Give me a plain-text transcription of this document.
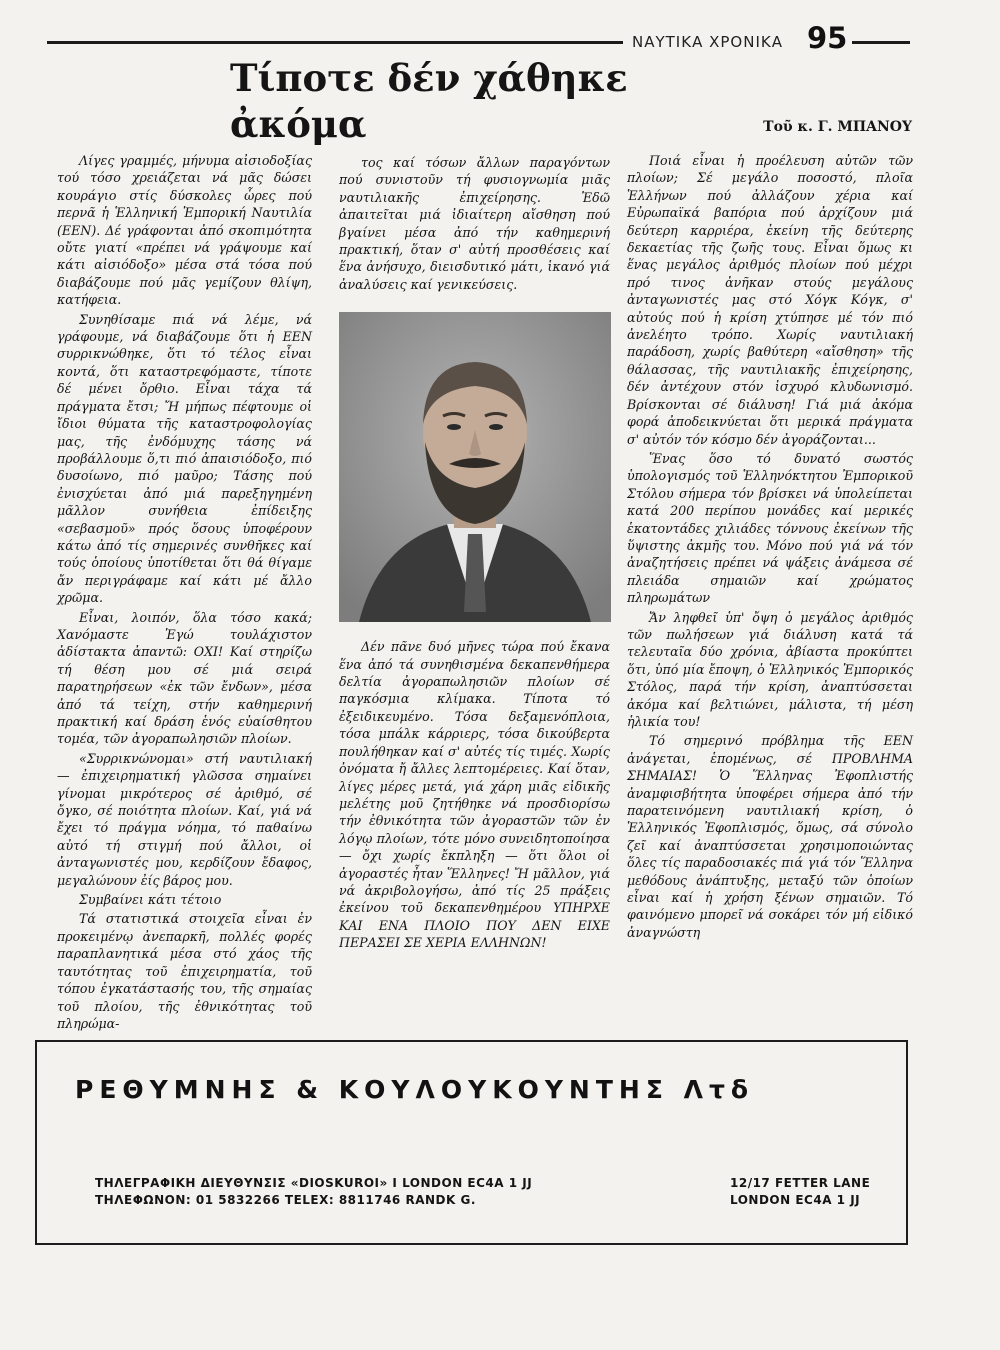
ΝΑΥΤΙΚΑ ΧΡΟΝΙΚΑ 95
Τίποτε δέν χάθηκε ἀκόμα	Τοῦ κ. Γ. ΜΠΑΝΟΥ

Λίγες γραμμές, μήνυμα αἰσιοδοξίας τού τόσο χρειάζεται νά μᾶς δώσει κουράγιο στίς δύσκολες ὧρες πού περνᾶ ἡ Ἑλληνική Ἐμπορική Ναυτιλία (ΕΕΝ). Δέ γράφονται ἀπό σκοπιμότητα οὔτε γιατί «πρέπει νά γράψουμε καί κάτι αἰσιόδοξο» μέσα στά τόσα πού διαβάζουμε πού μᾶς γεμίζουν θλίψη, κατήφεια.

Συνηθίσαμε πιά νά λέμε, νά γράφουμε, νά διαβάζουμε ὅτι ἡ ΕΕΝ συρρικνώθηκε, ὅτι τό τέλος εἶναι κοντά, ὅτι καταστρεφόμαστε, τίποτε δέ μένει ὄρθιο. Εἶναι τάχα τά πράγματα ἔτσι; Ἤ μήπως πέφτουμε οἱ ἴδιοι θύματα τῆς καταστροφολογίας μας, τῆς ἐνδόμυχης τάσης νά προβάλλουμε ὅ,τι πιό ἀπαισιόδοξο, πιό δυσοίωνο, πιό μαῦρο; Τάσης πού ἐνισχύεται ἀπό μιά παρεξηγημένη μᾶλλον συνήθεια ἐπίδειξης «σεβασμοῦ» πρός ὅσους ὑποφέρουν κάτω ἀπό τίς σημερινές συνθῆκες καί τούς ὁποίους ὑποτίθεται ὅτι θά θίγαμε ἄν περιγράφαμε καί κάτι μέ ἄλλο χρῶμα.

Εἶναι, λοιπόν, ὅλα τόσο κακά; Χανόμαστε Ἐγώ τουλάχιστον ἀδίστακτα ἀπαντῶ: ΟΧΙ! Καί στηρίζω τή θέση μου σέ μιά σειρά παρατηρήσεων «ἐκ τῶν ἔνδων», μέσα ἀπό τά τείχη, στήν καθημερινή πρακτική καί δράση ἑνός εὐαίσθητου τομέα, τῶν ἀγοραπωλησιῶν πλοίων.

«Συρρικνώνομαι» στή ναυτιλιακή — ἐπιχειρηματική γλῶσσα σημαίνει γίνομαι μικρότερος σέ ἀριθμό, σέ ὄγκο, σέ ποιότητα πλοίων. Καί, γιά νά ἔχει τό πράγμα νόημα, τό παθαίνω αὐτό τή στιγμή πού ἄλλοι, οἱ ἀνταγωνιστές μου, κερδίζουν ἔδαφος, μεγαλώνουν ἐίς βάρος μου.

Συμβαίνει κάτι τέτοιο

Τά στατιστικά στοιχεῖα εἶναι ἐν προκειμένῳ ἀνεπαρκῆ, πολλές φορές παραπλανητικά μέσα στό χάος τῆς ταυτότητας τοῦ ἐπιχειρηματία, τοῦ τόπου ἐγκατάστασής του, τῆς σημαίας τοῦ πλοίου, τῆς ἐθνικότητας τοῦ πληρώμα-

τος καί τόσων ἄλλων παραγόντων πού συνιστοῦν τή φυσιογνωμία μιᾶς ναυτιλιακῆς ἐπιχείρησης. Ἐδῶ ἀπαιτεῖται μιά ἰδιαίτερη αἴσθηση πού βγαίνει μέσα ἀπό τήν καθημερινή πρακτική, ὅταν σ' αὐτή προσθέσεις καί ἕνα ἀνήσυχο, διεισδυτικό μάτι, ἱκανό γιά ἀναλύσεις καί γενικεύσεις.

Δέν πᾶνε δυό μῆνες τώρα πού ἔκανα ἕνα ἀπό τά συνηθισμένα δεκαπενθήμερα δελτία ἀγοραπωλησιῶν πλοίων σέ παγκόσμια κλίμακα. Τίποτα τό ἐξειδικευμένο. Τόσα δεξαμενόπλοια, τόσα μπάλκ κάρριερς, τόσα δικούβερτα πουλήθηκαν καί σ' αὐτές τίς τιμές. Χωρίς ὀνόματα ἤ ἄλλες λεπτομέρειες. Καί ὅταν, λίγες μέρες μετά, γιά χάρη μιᾶς εἰδικῆς μελέτης μοῦ ζητήθηκε νά προσδιορίσω τήν ἐθνικότητα τῶν ἀγοραστῶν τῶν ἐν λόγῳ πλοίων, τότε μόνο συνειδητοποίησα — ὄχι χωρίς ἔκπληξη — ὅτι ὅλοι οἱ ἀγοραστές ἦταν Ἕλληνες! Ἤ μᾶλλον, γιά νά ἀκριβολογήσω, ἀπό τίς 25 πράξεις ἐκείνου τοῦ δεκαπενθημέρου ΥΠΗΡΧΕ ΚΑΙ ΕΝΑ ΠΛΟΙΟ ΠΟΥ ΔΕΝ ΕΙΧΕ ΠΕΡΑΣΕΙ ΣΕ ΧΕΡΙΑ ΕΛΛΗΝΩΝ!

Ποιά εἶναι ἡ προέλευση αὐτῶν τῶν πλοίων; Σέ μεγάλο ποσοστό, πλοῖα Ἑλλήνων πού ἀλλάζουν χέρια καί Εὐρωπαϊκά βαπόρια πού ἀρχίζουν μιά δεύτερη καρριέρα, ἐκείνη τῆς δεύτερης δεκαετίας τῆς ζωῆς τους. Εἶναι ὅμως κι ἕνας μεγάλος ἀριθμός πλοίων πού μέχρι πρό τινος ἀνῆκαν στούς μεγάλους ἀνταγωνιστές μας στό Χόγκ Κόγκ, σ' αὐτούς πού ἡ κρίση χτύπησε μέ τόν πιό ἀνελέητο τρόπο. Χωρίς ναυτιλιακή παράδοση, χωρίς βαθύτερη «αἴσθηση» τῆς θάλασσας, τῆς ναυτιλιακῆς ἐπιχείρησης, δέν ἀντέχουν στόν ἰσχυρό κλυδωνισμό. Βρίσκονται σέ διάλυση! Γιά μιά ἀκόμα φορά ἀποδεικνύεται ὅτι μερικά πράγματα σ' αὐτόν τόν κόσμο δέν ἀγοράζονται...

Ἕνας ὅσο τό δυνατό σωστός ὑπολογισμός τοῦ Ἑλληνόκτητου Ἐμπορικοῦ Στόλου σήμερα τόν βρίσκει νά ὑπολείπεται κατά 200 περίπου μονάδες καί μερικές ἑκατοντάδες χιλιάδες τόννους ἐκείνων τῆς ὕψιστης ἀκμῆς του. Μόνο πού γιά νά τόν ἀναζητήσεις πρέπει νά ψάξεις ἀνάμεσα σέ πλειάδα σημαιῶν καί χρώματος πληρωμάτων

Ἄν ληφθεῖ ὑπ' ὄψη ὁ μεγάλος ἀριθμός τῶν πωλήσεων γιά διάλυση κατά τά τελευταῖα δύο χρόνια, ἀβίαστα προκύπτει ὅτι, ὑπό μία ἔποψη, ὁ Ἑλληνικός Ἐμπορικός Στόλος, παρά τήν κρίση, ἀναπτύσσεται ἀκόμα καί βελτιώνει, μάλιστα, τή μέση ἡλικία του!

Τό σημερινό πρόβλημα τῆς ΕΕΝ ἀνάγεται, ἑπομένως, σέ ΠΡΟΒΛΗΜΑ ΣΗΜΑΙΑΣ! Ὁ Ἕλληνας Ἐφοπλιστής ἀναμφισβήτητα ὑποφέρει σήμερα ἀπό τήν παρατεινόμενη ναυτιλιακή κρίση, ὁ Ἑλληνικός Ἐφοπλισμός, ὅμως, σά σύνολο ζεῖ καί ἀναπτύσσεται χρησιμοποιώντας ὅλες τίς παραδοσιακές πιά γιά τόν Ἕλληνα μεθόδους ἀνάπτυξης, μεταξύ τῶν ὁποίων εἶναι καί ἡ χρήση ξένων σημαιῶν. Τό φαινόμενο μπορεῖ νά σοκάρει τόν μή εἰδικό ἀναγνώστη

ΡΕΘΥΜΝΗΣ & ΚΟΥΛΟΥΚΟΥΝΤΗΣ Λτδ
ΤΗΛΕΓΡΑΦΙΚΗ ΔΙΕΥΘΥΝΣΙΣ «DIOSKUROI» I LONDON EC4A 1 JJ
ΤΗΛΕΦΩΝΟΝ: 01 5832266 TELEX: 8811746 RANDK G.
12/17 FETTER LANE
LONDON EC4A 1 JJ
